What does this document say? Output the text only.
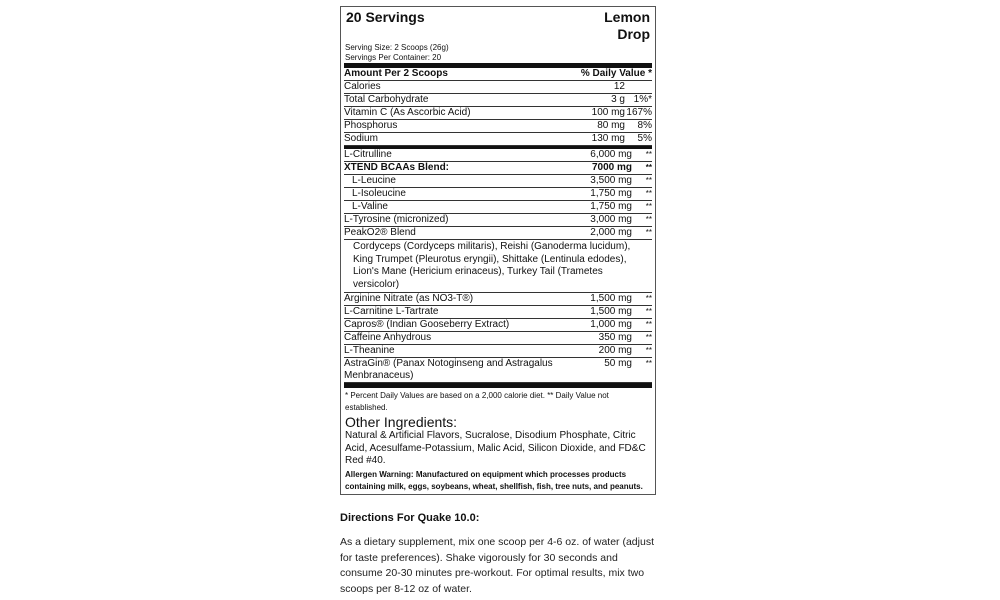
20 Servings	Lemon Drop
Serving Size: 2 Scoops (26g)
Servings Per Container: 20
Amount Per 2 Scoops	% Daily Value *
Calories	12
Total Carbohydrate	3 g 1%*
Vitamin C (As Ascorbic Acid)	100 mg 167%
Phosphorus	80 mg	8%
Sodium	130 mg	5%
L-Citrulline	6,000 mg	**
XTEND BCAAs Blend:	7000 mg	**
L-Leucine	3,500 mg	**
L-Isoleucine	1,750 mg	**
L-Valine	1,750 mg	**
L-Tyrosine (micronized)	3,000 mg	**
PeakO2® Blend	2,000 mg	**
Cordyceps (Cordyceps militaris), Reishi (Ganoderma lucidum), King Trumpet (Pleurotus eryngii), Shittake (Lentinula edodes), Lion's Mane (Hericium erinaceus), Turkey Tail (Trametes versicolor)
Arginine Nitrate (as NO3-T®)	1,500 mg	**
L-Carnitine L-Tartrate	1,500 mg	**
Capros® (Indian Gooseberry Extract)	1,000 mg	**
Caffeine Anhydrous	350 mg	**
L-Theanine	200 mg	**
AstraGin® (Panax Notoginseng and Astragalus Menbranaceus)
50 mg	**
* Percent Daily Values are based on a 2,000 calorie diet. ** Daily Value not established.
Other Ingredients:
Natural & Artificial Flavors, Sucralose, Disodium Phosphate, Citric Acid, Acesulfame-Potassium, Malic Acid, Silicon Dioxide, and FD&C Red #40.
Allergen Warning: Manufactured on equipment which processes products containing milk, eggs, soybeans, wheat, shellfish, fish, tree nuts, and peanuts.
Directions For Quake 10.0:
As a dietary supplement, mix one scoop per 4-6 oz. of water (adjust for taste preferences). Shake vigorously for 30 seconds and consume 20-30 minutes pre-workout. For optimal results, mix two scoops per 8-12 oz of water.
